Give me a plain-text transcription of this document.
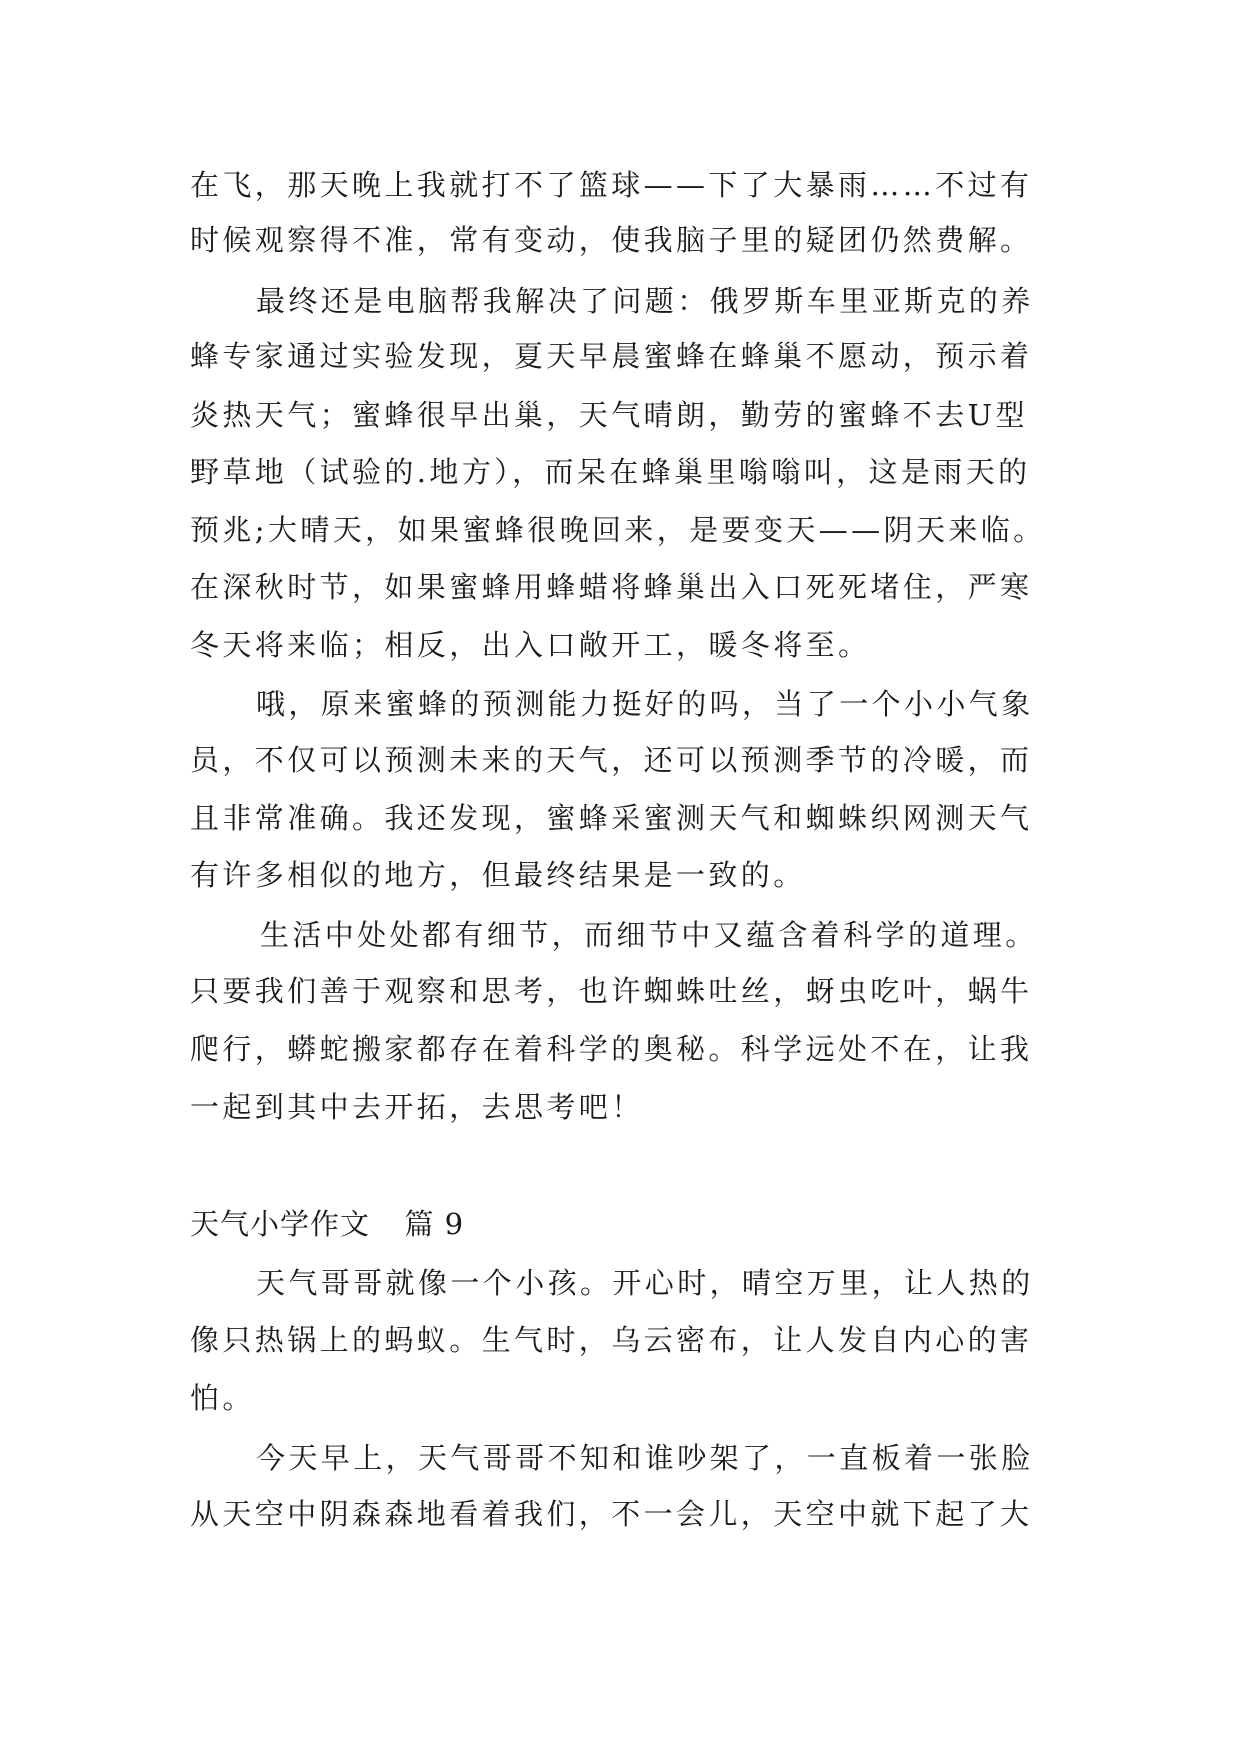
在飞，那天晚上我就打不了篮球——下了大暴雨……不过有
时候观察得不准，常有变动，使我脑子里的疑团仍然费解。
最终还是电脑帮我解决了问题：俄罗斯车里亚斯克的养
蜂专家通过实验发现，夏天早晨蜜蜂在蜂巢不愿动，预示着
炎热天气；蜜蜂很早出巢，天气晴朗，勤劳的蜜蜂不去U型
野草地（试验的.地方），而呆在蜂巢里嗡嗡叫，这是雨天的
预兆;大晴天，如果蜜蜂很晚回来，是要变天——阴天来临。
在深秋时节，如果蜜蜂用蜂蜡将蜂巢出入口死死堵住，严寒
冬天将来临；相反，出入口敞开工，暖冬将至。
哦，原来蜜蜂的预测能力挺好的吗，当了一个小小气象
员，不仅可以预测未来的天气，还可以预测季节的冷暖，而
且非常准确。我还发现，蜜蜂采蜜测天气和蜘蛛织网测天气
有许多相似的地方，但最终结果是一致的。
生活中处处都有细节，而细节中又蕴含着科学的道理。
只要我们善于观察和思考，也许蜘蛛吐丝，蚜虫吃叶，蜗牛
爬行，蟒蛇搬家都存在着科学的奥秘。科学远处不在，让我
一起到其中去开拓，去思考吧！
天气小学作文 篇 9
天气哥哥就像一个小孩。开心时，晴空万里，让人热的
像只热锅上的蚂蚁。生气时，乌云密布，让人发自内心的害
怕。
今天早上，天气哥哥不知和谁吵架了，一直板着一张脸
从天空中阴森森地看着我们，不一会儿，天空中就下起了大
